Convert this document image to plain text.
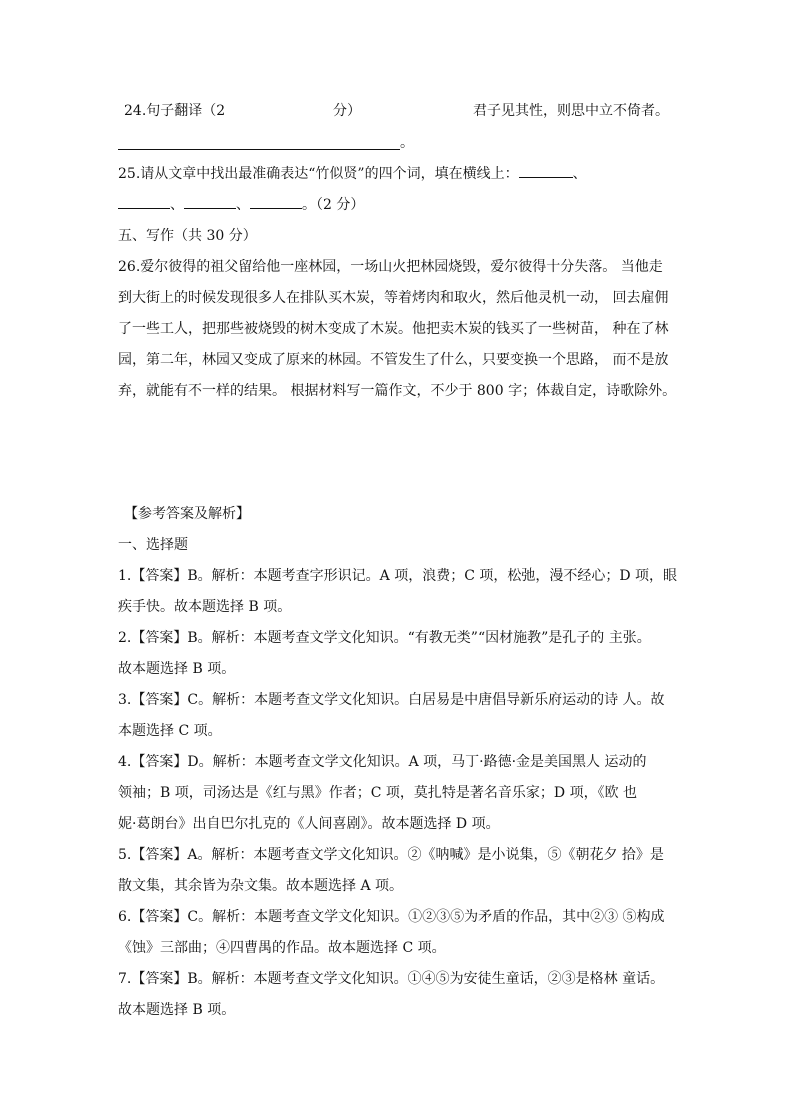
24.句子翻译（2	分）	君子见其性，则思中立不倚者。
。
25.请从文章中找出最准确表达“竹似贤”的四个词，填在横线上：	、
、	、	。（2 分）
五、写作（共 30 分）
26.爱尔彼得的祖父留给他一座林园，一场山火把林园烧毁，爱尔彼得十分失落。 当他走
到大街上的时候发现很多人在排队买木炭，等着烤肉和取火，然后他灵机一动， 回去雇佣
了一些工人，把那些被烧毁的树木变成了木炭。他把卖木炭的钱买了一些树苗， 种在了林
园，第二年，林园又变成了原来的林园。不管发生了什么，只要变换一个思路， 而不是放
弃，就能有不一样的结果。 根据材料写一篇作文，不少于 800 字；体裁自定，诗歌除外。
【参考答案及解析】
一、选择题
1.【答案】B。解析：本题考查字形识记。A 项，浪费；C 项，松弛，漫不经心；D 项，眼
疾手快。故本题选择 B 项。
2.【答案】B。解析：本题考查文学文化知识。“有教无类”“因材施教”是孔子的 主张。
故本题选择 B 项。
3.【答案】C。解析：本题考查文学文化知识。白居易是中唐倡导新乐府运动的诗 人。故
本题选择 C 项。
4.【答案】D。解析：本题考查文学文化知识。A 项，马丁·路德·金是美国黑人 运动的
领袖；B 项，司汤达是《红与黑》作者；C 项，莫扎特是著名音乐家；D 项，《欧 也
妮·葛朗台》出自巴尔扎克的《人间喜剧》。故本题选择 D 项。
5.【答案】A。解析：本题考查文学文化知识。②《呐喊》是小说集，⑤《朝花夕 拾》是
散文集，其余皆为杂文集。故本题选择 A 项。
6.【答案】C。解析：本题考查文学文化知识。①②③⑤为矛盾的作品，其中②③ ⑤构成
《蚀》三部曲；④四曹禺的作品。故本题选择 C 项。
7.【答案】B。解析：本题考查文学文化知识。①④⑤为安徒生童话，②③是格林 童话。
故本题选择 B 项。
